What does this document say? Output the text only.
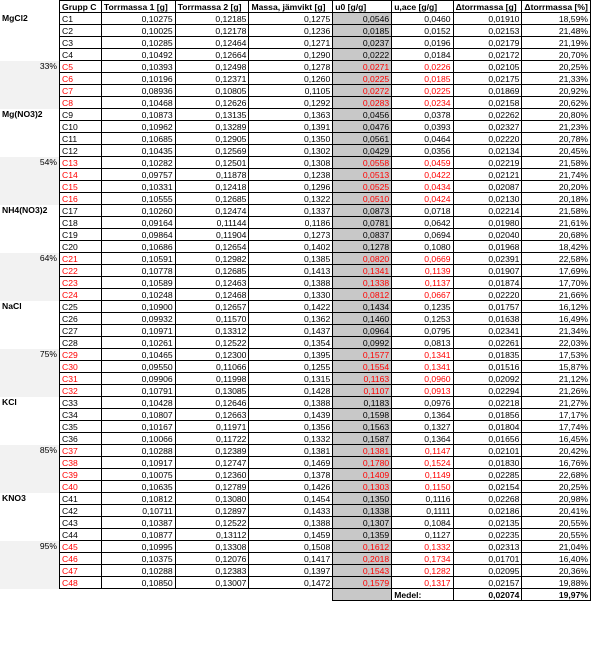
	Grupp C	Torrmassa 1 [g]	Torrmassa 2 [g]	Massa, jämvikt [g]	u0 [g/g]	u,ace [g/g]	Δtorrmassa [g]	Δtorrmassa [%]

MgCl2	C1	0,10275	0,12185	0,1275	0,0546	0,0460	0,01910	18,59%
	C2	0,10025	0,12178	0,1236	0,0185	0,0152	0,02153	21,48%
	C3	0,10285	0,12464	0,1271	0,0237	0,0196	0,02179	21,19%
	C4	0,10492	0,12664	0,1290	0,0222	0,0184	0,02172	20,70%

33%	C5	0,10393	0,12498	0,1278	0,0271	0,0226	0,02105	20,25%
	C6	0,10196	0,12371	0,1260	0,0225	0,0185	0,02175	21,33%
	C7	0,08936	0,10805	0,1105	0,0272	0,0225	0,01869	20,92%
	C8	0,10468	0,12626	0,1292	0,0283	0,0234	0,02158	20,62%

Mg(NO3)2	C9	0,10873	0,13135	0,1363	0,0456	0,0378	0,02262	20,80%
	C10	0,10962	0,13289	0,1391	0,0476	0,0393	0,02327	21,23%
	C11	0,10685	0,12905	0,1350	0,0561	0,0464	0,02220	20,78%
	C12	0,10435	0,12569	0,1302	0,0429	0,0356	0,02134	20,45%

54%	C13	0,10282	0,12501	0,1308	0,0558	0,0459	0,02219	21,58%
	C14	0,09757	0,11878	0,1238	0,0513	0,0422	0,02121	21,74%
	C15	0,10331	0,12418	0,1296	0,0525	0,0434	0,02087	20,20%
	C16	0,10555	0,12685	0,1322	0,0510	0,0424	0,02130	20,18%

NH4(NO3)2	C17	0,10260	0,12474	0,1337	0,0873	0,0718	0,02214	21,58%
	C18	0,09164	0,11144	0,1186	0,0781	0,0642	0,01980	21,61%
	C19	0,09864	0,11904	0,1273	0,0837	0,0694	0,02040	20,68%
	C20	0,10686	0,12654	0,1402	0,1278	0,1080	0,01968	18,42%

64%	C21	0,10591	0,12982	0,1385	0,0820	0,0669	0,02391	22,58%
	C22	0,10778	0,12685	0,1413	0,1341	0,1139	0,01907	17,69%
	C23	0,10589	0,12463	0,1388	0,1338	0,1137	0,01874	17,70%
	C24	0,10248	0,12468	0,1330	0,0812	0,0667	0,02220	21,66%

NaCl	C25	0,10900	0,12657	0,1422	0,1434	0,1235	0,01757	16,12%
	C26	0,09932	0,11570	0,1362	0,1460	0,1253	0,01638	16,49%
	C27	0,10971	0,13312	0,1437	0,0964	0,0795	0,02341	21,34%
	C28	0,10261	0,12522	0,1354	0,0992	0,0813	0,02261	22,03%

75%	C29	0,10465	0,12300	0,1395	0,1577	0,1341	0,01835	17,53%
	C30	0,09550	0,11066	0,1255	0,1554	0,1341	0,01516	15,87%
	C31	0,09906	0,11998	0,1315	0,1163	0,0960	0,02092	21,12%
	C32	0,10791	0,13085	0,1428	0,1107	0,0913	0,02294	21,26%

KCl	C33	0,10428	0,12646	0,1388	0,1183	0,0976	0,02218	21,27%
	C34	0,10807	0,12663	0,1439	0,1598	0,1364	0,01856	17,17%
	C35	0,10167	0,11971	0,1356	0,1563	0,1327	0,01804	17,74%
	C36	0,10066	0,11722	0,1332	0,1587	0,1364	0,01656	16,45%

85%	C37	0,10288	0,12389	0,1381	0,1381	0,1147	0,02101	20,42%
	C38	0,10917	0,12747	0,1469	0,1780	0,1524	0,01830	16,76%
	C39	0,10075	0,12360	0,1378	0,1409	0,1149	0,02285	22,68%
	C40	0,10635	0,12789	0,1426	0,1303	0,1150	0,02154	20,25%

KNO3	C41	0,10812	0,13080	0,1454	0,1350	0,1116	0,02268	20,98%
	C42	0,10711	0,12897	0,1433	0,1338	0,1111	0,02186	20,41%
	C43	0,10387	0,12522	0,1388	0,1307	0,1084	0,02135	20,55%
	C44	0,10877	0,13112	0,1459	0,1359	0,1127	0,02235	20,55%

95%	C45	0,10995	0,13308	0,1508	0,1612	0,1332	0,02313	21,04%
	C46	0,10375	0,12076	0,1417	0,2018	0,1734	0,01701	16,40%
	C47	0,10288	0,12383	0,1397	0,1543	0,1282	0,02095	20,36%
	C48	0,10850	0,13007	0,1472	0,1579	0,1317	0,02157	19,88%
						Medel:	0,02074	19,97%
